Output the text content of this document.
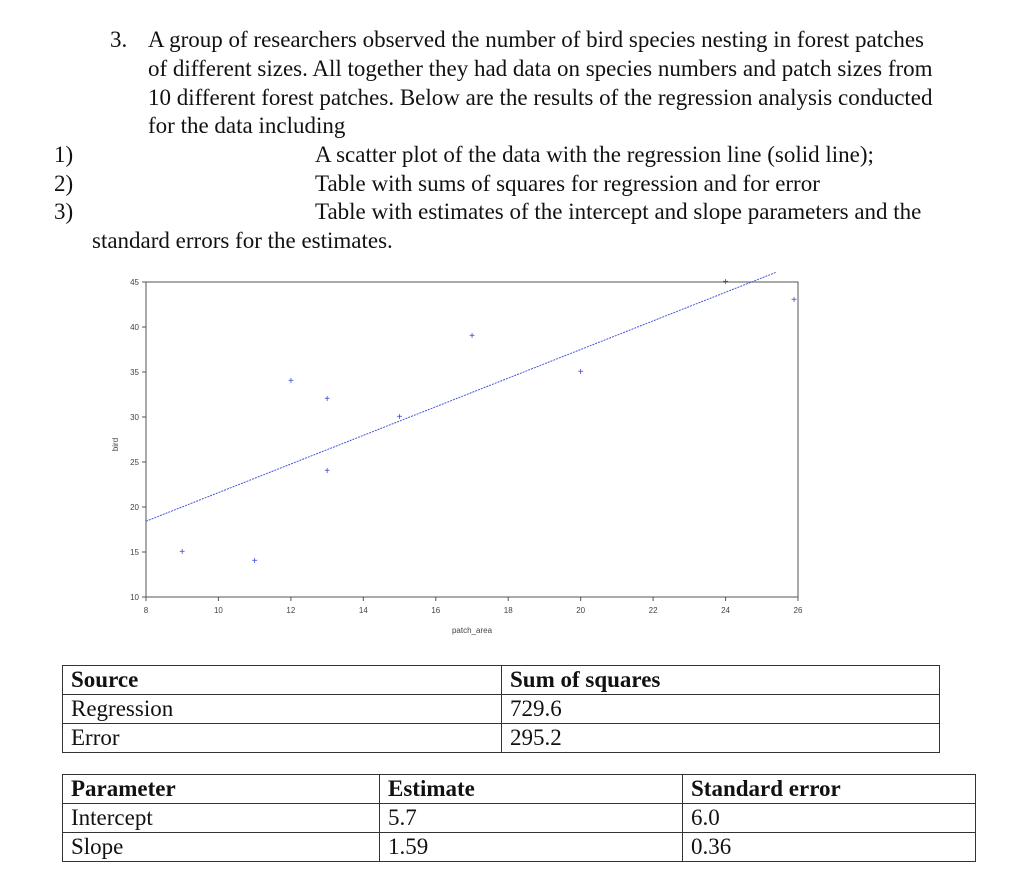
3. A group of researchers observed the number of bird species nesting in forest patches
of different sizes. All together they had data on species numbers and patch sizes from
10 different forest patches. Below are the results of the regression analysis conducted
for the data including
1)	A scatter plot of the data with the regression line (solid line);
2)	Table with sums of squares for regression and for error
3)	Table with estimates of the intercept and slope parameters and the
standard errors for the estimates.
10
15
20
25
30
35
40
45
8	10	12	14	16	18	20	22	24	26
+
+
+
+
+
+
+
+
+
+
patch_area
bird
Source	Sum of squares
Regression	729.6
Error	295.2
Parameter	Estimate	Standard error
Intercept	5.7	6.0
Slope	1.59	0.36
